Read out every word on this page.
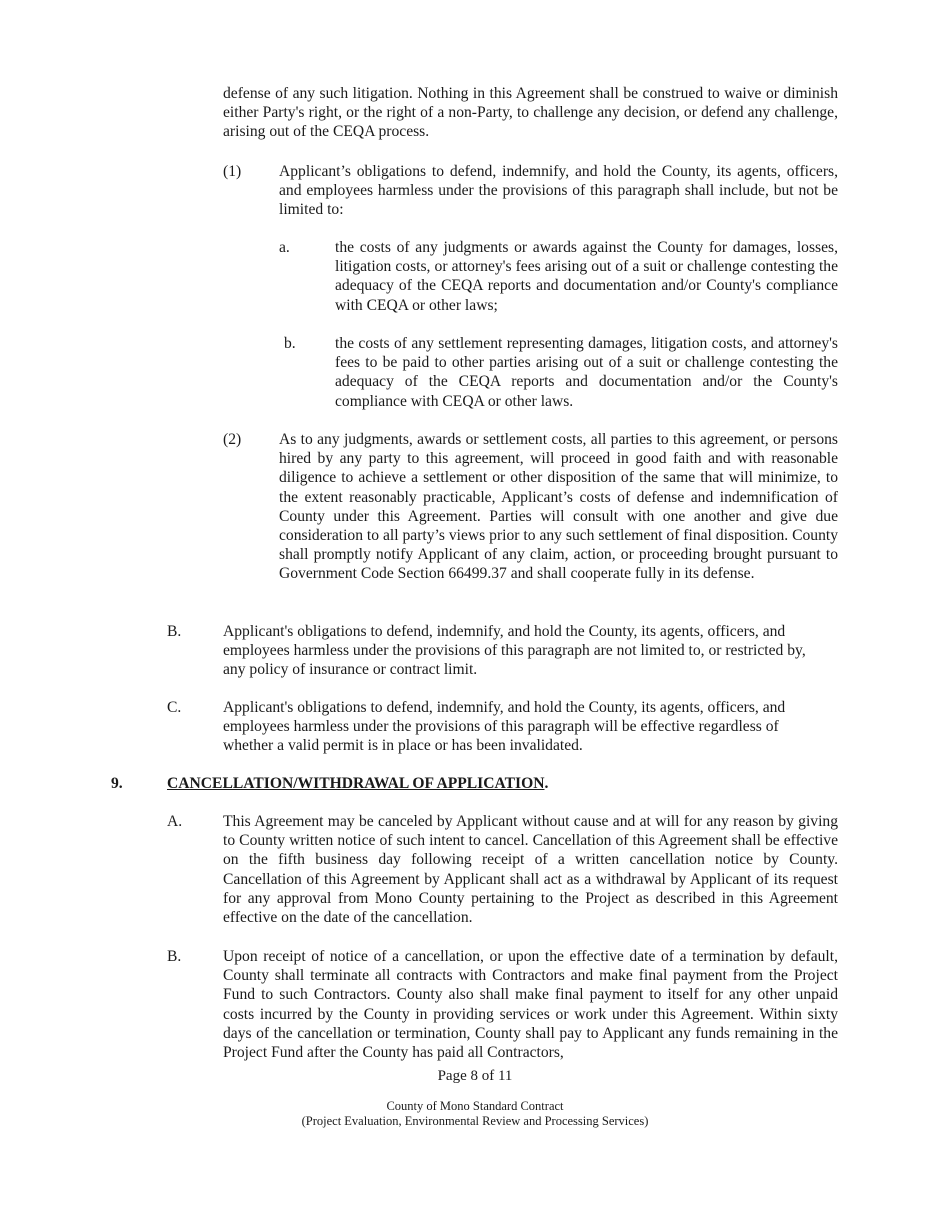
defense of any such litigation. Nothing in this Agreement shall be construed to waive or diminish either Party's right, or the right of a non-Party, to challenge any decision, or defend any challenge, arising out of the CEQA process.
(1) Applicant’s obligations to defend, indemnify, and hold the County, its agents, officers, and employees harmless under the provisions of this paragraph shall include, but not be limited to:
a.	the costs of any judgments or awards against the County for damages, losses, litigation costs, or attorney's fees arising out of a suit or challenge contesting the adequacy of the CEQA reports and documentation and/or County's compliance with CEQA or other laws;
b.	the costs of any settlement representing damages, litigation costs, and attorney's fees to be paid to other parties arising out of a suit or challenge contesting the adequacy of the CEQA reports and documentation and/or the County's compliance with CEQA or other laws.
(2) As to any judgments, awards or settlement costs, all parties to this agreement, or persons hired by any party to this agreement, will proceed in good faith and with reasonable diligence to achieve a settlement or other disposition of the same that will minimize, to the extent reasonably practicable, Applicant’s costs of defense and indemnification of County under this Agreement. Parties will consult with one another and give due consideration to all party’s views prior to any such settlement of final disposition. County shall promptly notify Applicant of any claim, action, or proceeding brought pursuant to Government Code Section 66499.37 and shall cooperate fully in its defense.
B.	Applicant's obligations to defend, indemnify, and hold the County, its agents, officers, and employees harmless under the provisions of this paragraph are not limited to, or restricted by, any policy of insurance or contract limit.
C.	Applicant's obligations to defend, indemnify, and hold the County, its agents, officers, and employees harmless under the provisions of this paragraph will be effective regardless of whether a valid permit is in place or has been invalidated.
9.	CANCELLATION/WITHDRAWAL OF APPLICATION.
A.	This Agreement may be canceled by Applicant without cause and at will for any reason by giving to County written notice of such intent to cancel. Cancellation of this Agreement shall be effective on the fifth business day following receipt of a written cancellation notice by County. Cancellation of this Agreement by Applicant shall act as a withdrawal by Applicant of its request for any approval from Mono County pertaining to the Project as described in this Agreement effective on the date of the cancellation.
B.	Upon receipt of notice of a cancellation, or upon the effective date of a termination by default, County shall terminate all contracts with Contractors and make final payment from the Project Fund to such Contractors. County also shall make final payment to itself for any other unpaid costs incurred by the County in providing services or work under this Agreement. Within sixty days of the cancellation or termination, County shall pay to Applicant any funds remaining in the Project Fund after the County has paid all Contractors,
Page 8 of 11
County of Mono Standard Contract
(Project Evaluation, Environmental Review and Processing Services)
